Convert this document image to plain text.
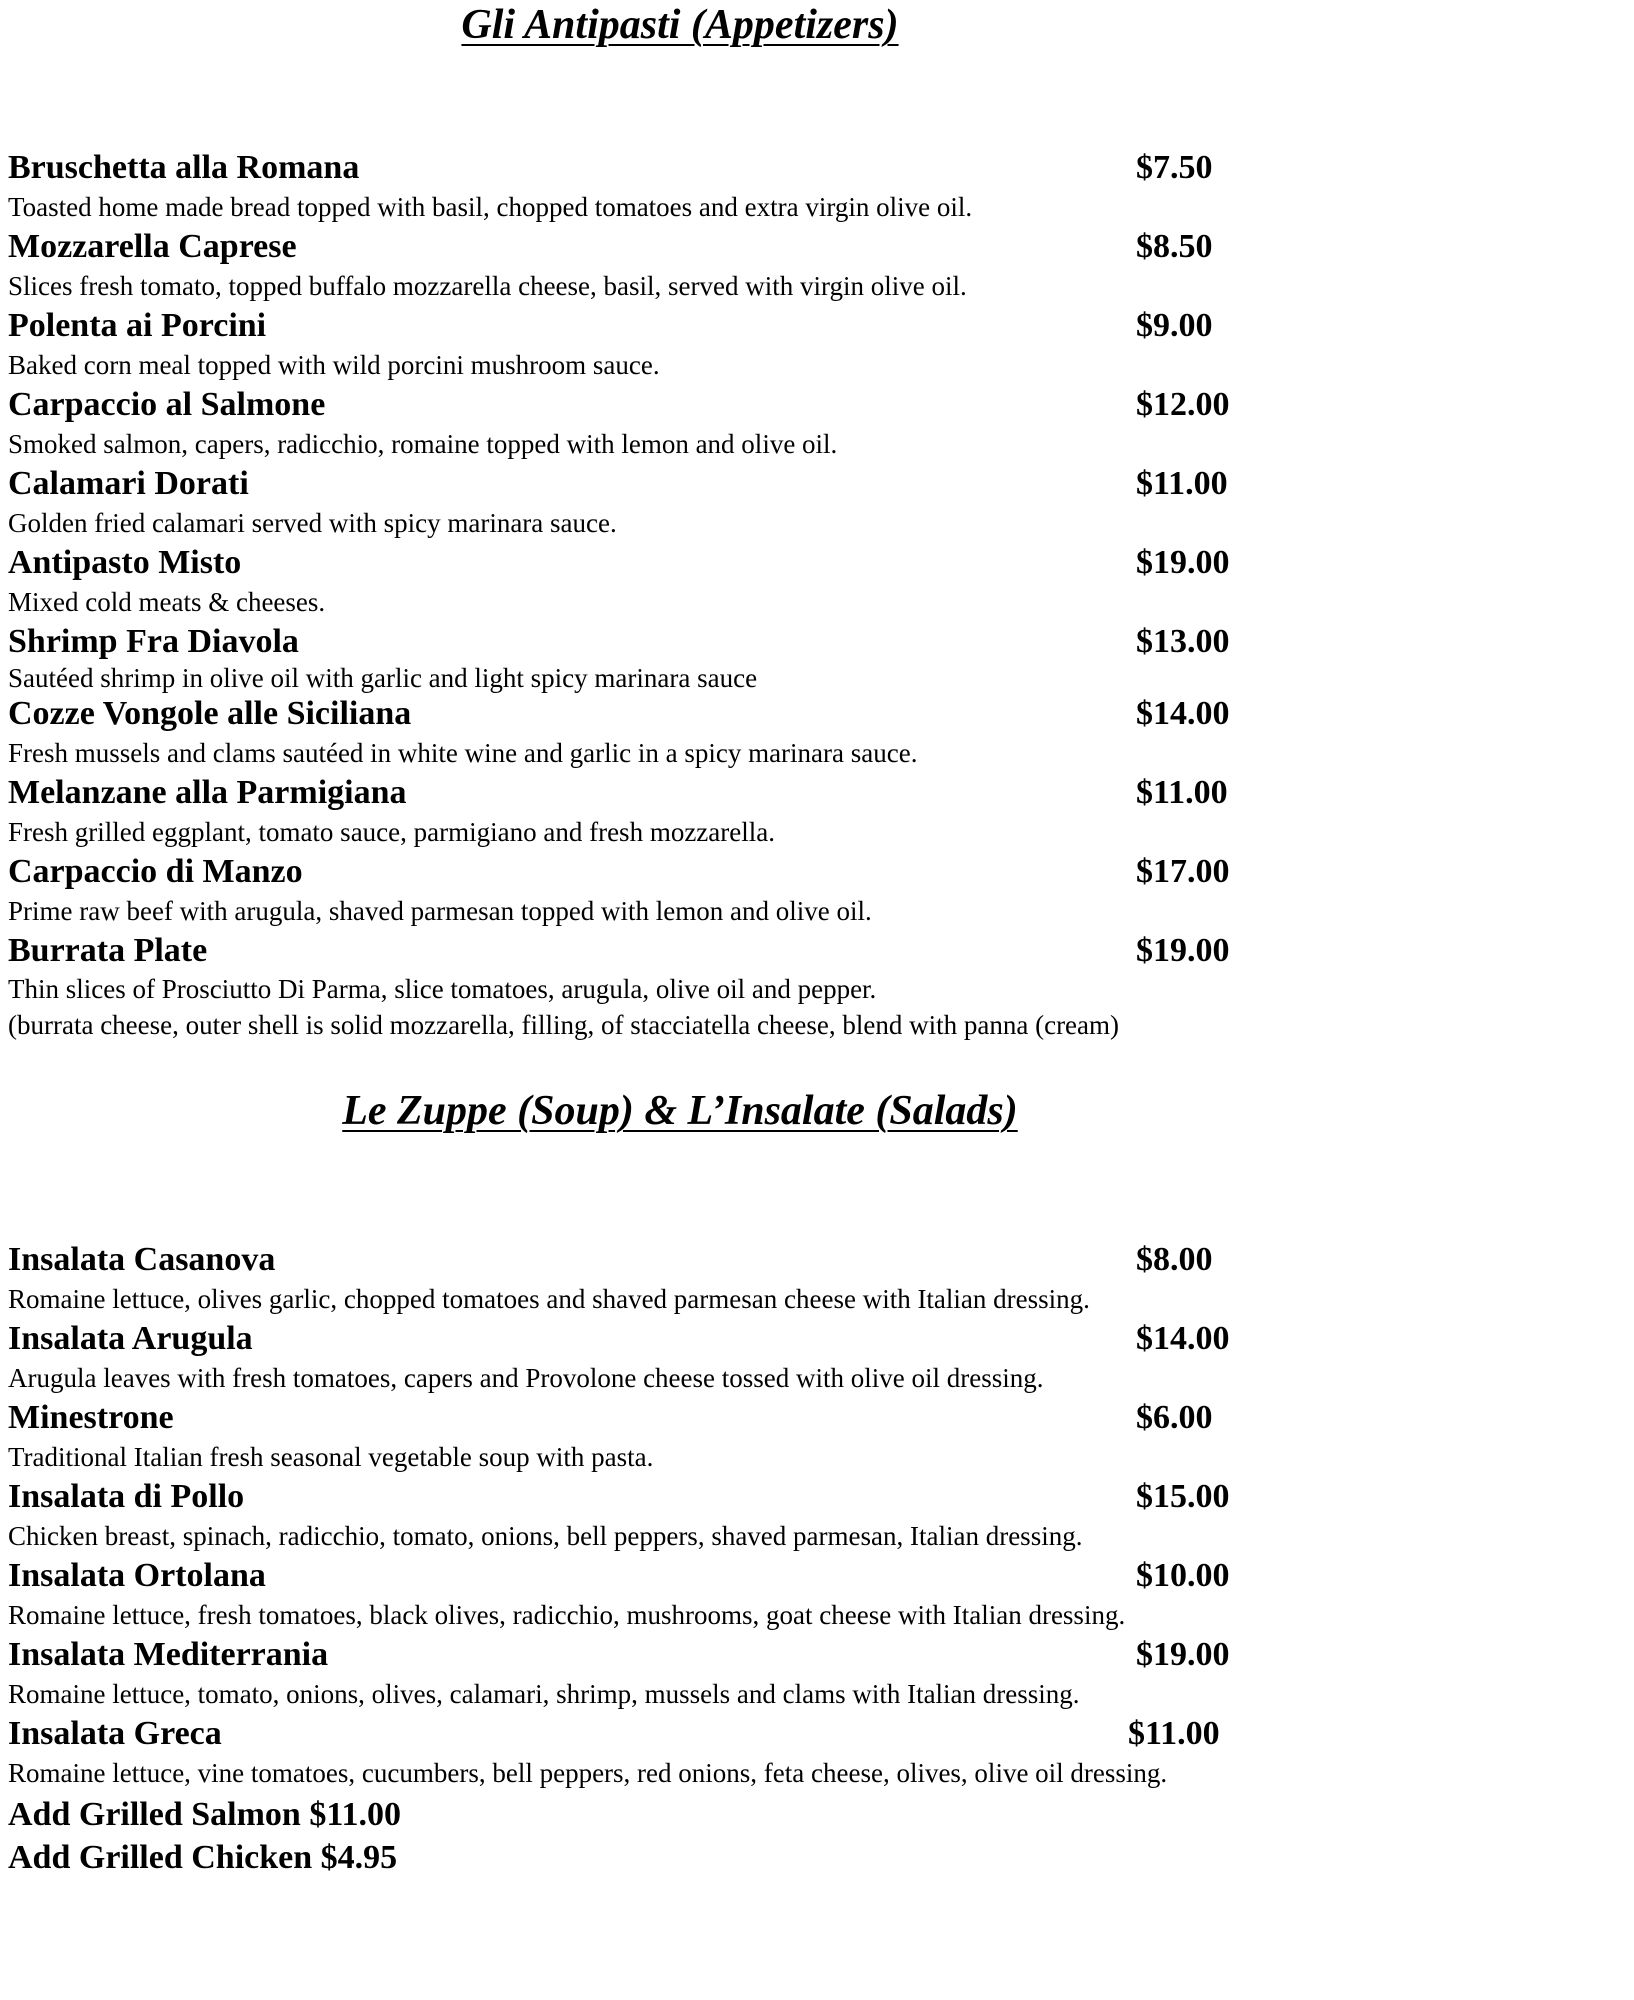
Gli Antipasti (Appetizers)
Bruschetta alla Romana	$7.50
Toasted home made bread topped with basil, chopped tomatoes and extra virgin olive oil.
Mozzarella Caprese	$8.50
Slices fresh tomato, topped buffalo mozzarella cheese, basil, served with virgin olive oil.
Polenta ai Porcini	$9.00
Baked corn meal topped with wild porcini mushroom sauce.
Carpaccio al Salmone	$12.00
Smoked salmon, capers, radicchio, romaine topped with lemon and olive oil.
Calamari Dorati	$11.00
Golden fried calamari served with spicy marinara sauce.
Antipasto Misto	$19.00
Mixed cold meats & cheeses.
Shrimp Fra Diavola	$13.00
Sautéed shrimp in olive oil with garlic and light spicy marinara sauce
Cozze Vongole alle Siciliana	$14.00
Fresh mussels and clams sautéed in white wine and garlic in a spicy marinara sauce.
Melanzane alla Parmigiana	$11.00
Fresh grilled eggplant, tomato sauce, parmigiano and fresh mozzarella.
Carpaccio di Manzo	$17.00
Prime raw beef with arugula, shaved parmesan topped with lemon and olive oil.
Burrata Plate	$19.00
Thin slices of Prosciutto Di Parma, slice tomatoes, arugula, olive oil and pepper.
(burrata cheese, outer shell is solid mozzarella, filling, of stacciatella cheese, blend with panna (cream)
Le Zuppe (Soup) & L’Insalate (Salads)
Insalata Casanova	$8.00
Romaine lettuce, olives garlic, chopped tomatoes and shaved parmesan cheese with Italian dressing.
Insalata Arugula	$14.00
Arugula leaves with fresh tomatoes, capers and Provolone cheese tossed with olive oil dressing.
Minestrone	$6.00
Traditional Italian fresh seasonal vegetable soup with pasta.
Insalata di Pollo	$15.00
Chicken breast, spinach, radicchio, tomato, onions, bell peppers, shaved parmesan, Italian dressing.
Insalata Ortolana	$10.00
Romaine lettuce, fresh tomatoes, black olives, radicchio, mushrooms, goat cheese with Italian dressing.
Insalata Mediterrania	$19.00
Romaine lettuce, tomato, onions, olives, calamari, shrimp, mussels and clams with Italian dressing.
Insalata Greca	$11.00
Romaine lettuce, vine tomatoes, cucumbers, bell peppers, red onions, feta cheese, olives, olive oil dressing.
Add Grilled Salmon $11.00
Add Grilled Chicken $4.95
